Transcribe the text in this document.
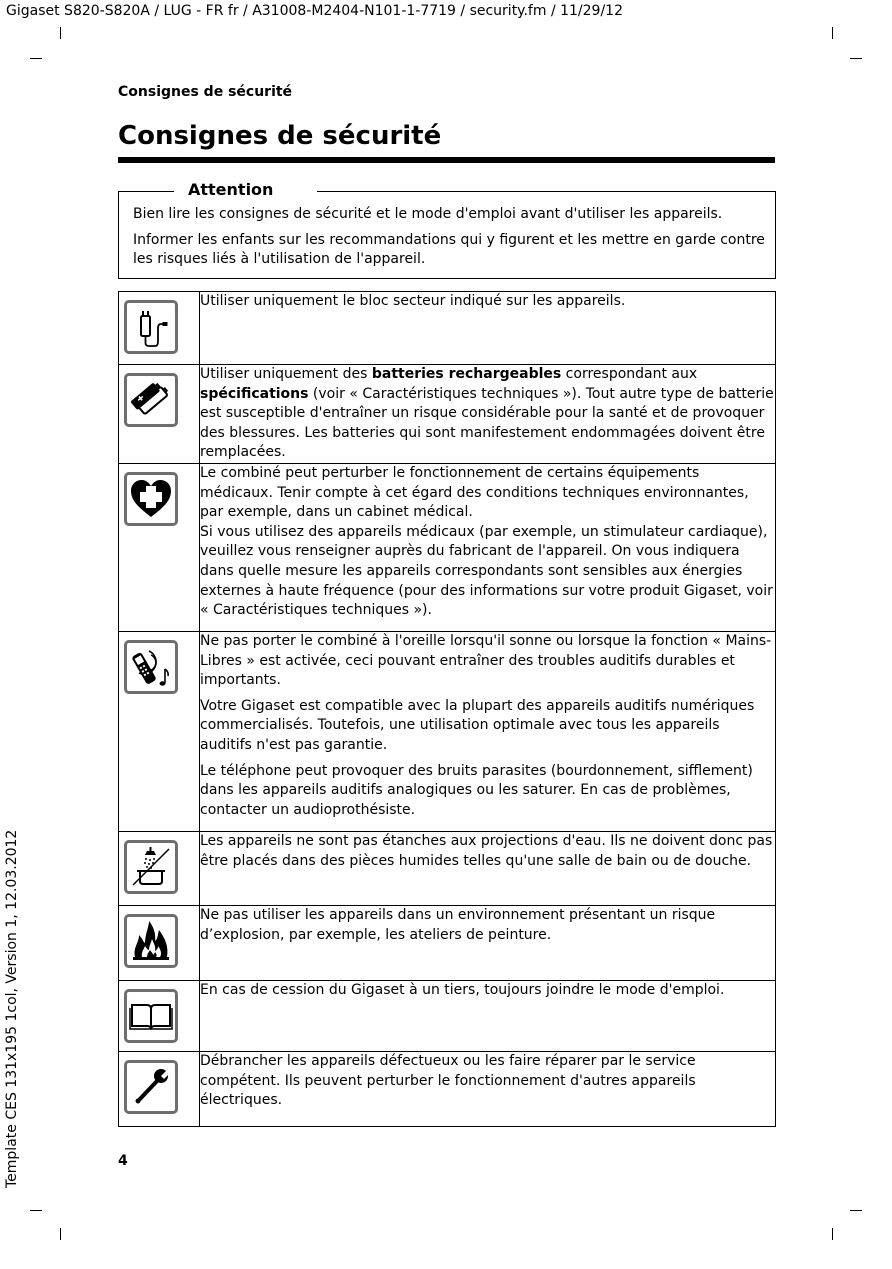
Gigaset S820-S820A / LUG - FR fr / A31008-M2404-N101-1-7719 / security.fm / 11/29/12
Template CES 131x195 1col, Version 1, 12.03.2012
Consignes de sécurité
Consignes de sécurité
Attention

Bien lire les consignes de sécurité et le mode d'emploi avant d'utiliser les appareils.

Informer les enfants sur les recommandations qui y figurent et les mettre en garde contre les risques liés à l'utilisation de l'appareil.

Utiliser uniquement le bloc secteur indiqué sur les appareils.

Utiliser uniquement des batteries rechargeables correspondant aux spécifications (voir « Caractéristiques techniques »). Tout autre type de batterie est susceptible d'entraîner un risque considérable pour la santé et de provoquer des blessures. Les batteries qui sont manifestement endommagées doivent être remplacées.

Le combiné peut perturber le fonctionnement de certains équipements médicaux. Tenir compte à cet égard des conditions techniques environnantes, par exemple, dans un cabinet médical.
Si vous utilisez des appareils médicaux (par exemple, un stimulateur cardiaque), veuillez vous renseigner auprès du fabricant de l'appareil. On vous indiquera dans quelle mesure les appareils correspondants sont sensibles aux énergies externes à haute fréquence (pour des informations sur votre produit Gigaset, voir « Caractéristiques techniques »).

Ne pas porter le combiné à l'oreille lorsqu'il sonne ou lorsque la fonction « Mains-Libres » est activée, ceci pouvant entraîner des troubles auditifs durables et importants.

Votre Gigaset est compatible avec la plupart des appareils auditifs numériques commercialisés. Toutefois, une utilisation optimale avec tous les appareils auditifs n'est pas garantie.

Le téléphone peut provoquer des bruits parasites (bourdonnement, sifflement) dans les appareils auditifs analogiques ou les saturer. En cas de problèmes, contacter un audioprothésiste.

Les appareils ne sont pas étanches aux projections d'eau. Ils ne doivent donc pas être placés dans des pièces humides telles qu'une salle de bain ou de douche.

Ne pas utiliser les appareils dans un environnement présentant un risque d’explosion, par exemple, les ateliers de peinture.

En cas de cession du Gigaset à un tiers, toujours joindre le mode d'emploi.

Débrancher les appareils défectueux ou les faire réparer par le service compétent. Ils peuvent perturber le fonctionnement d'autres appareils électriques.

4
